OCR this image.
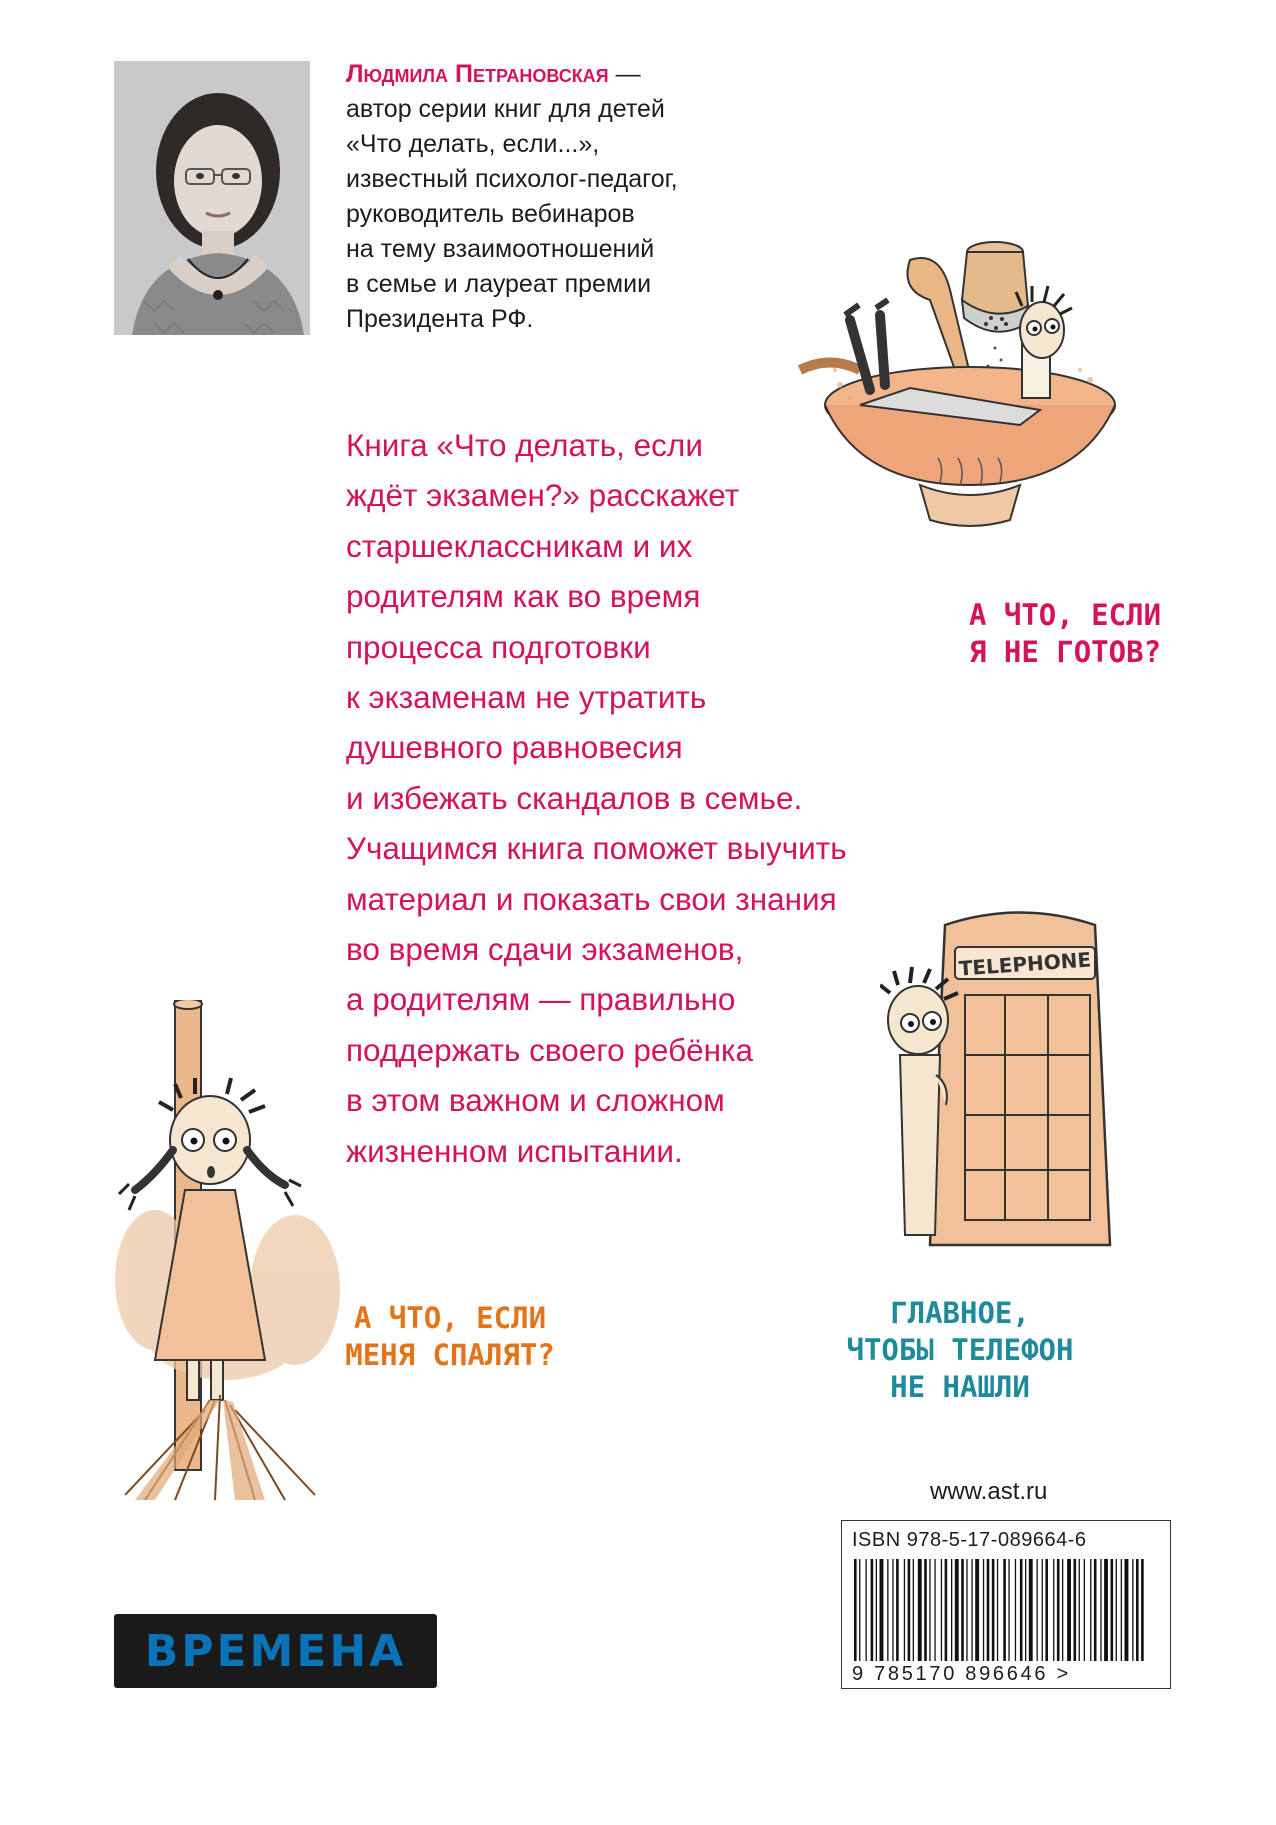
Людмила Петрановская —
автор серии книг для детей
«Что делать, если...»,
известный психолог-педагог,
руководитель вебинаров
на тему взаимоотношений
в семье и лауреат премии
Президента РФ.
Книга «Что делать, если
ждёт экзамен?» расскажет
старшеклассникам и их
родителям как во время
процесса подготовки
к экзаменам не утратить
душевного равновесия
и избежать скандалов в семье.
Учащимся книга поможет выучить
материал и показать свои знания
во время сдачи экзаменов,
а родителям — правильно
поддержать своего ребёнка
в этом важном и сложном
жизненном испытании.
А ЧТО, ЕСЛИ
Я НЕ ГОТОВ?
TELEPHONE
ГЛАВНОЕ,
ЧТОБЫ ТЕЛЕФОН
НЕ НАШЛИ
А ЧТО, ЕСЛИ
МЕНЯ СПАЛЯТ?
www.ast.ru
ISBN 978-5-17-089664-6
9 785170 896646 >
ВРЕМЕНА
